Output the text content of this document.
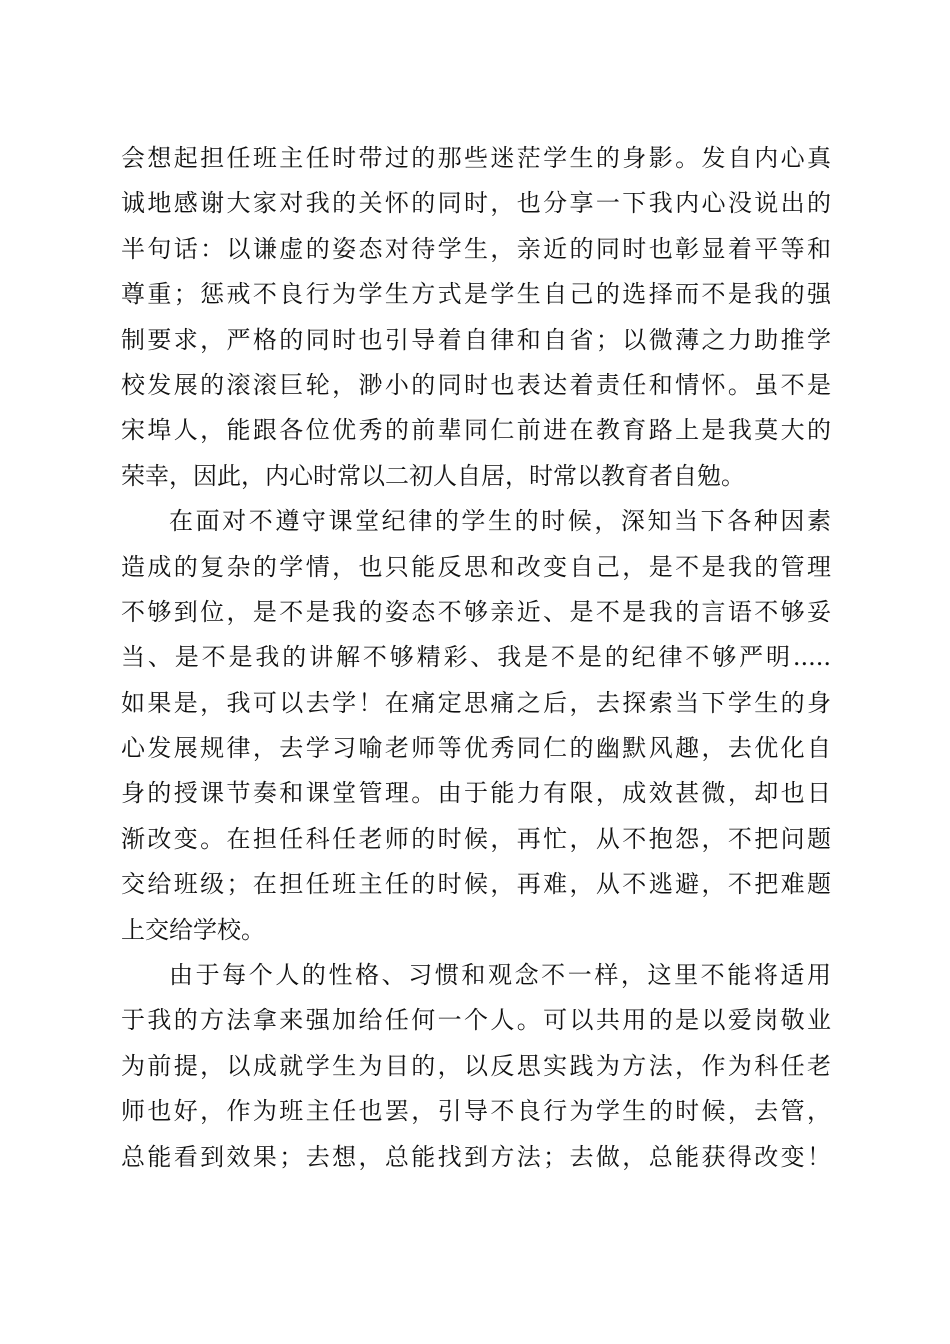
会想起担任班主任时带过的那些迷茫学生的身影。发自内心真
诚地感谢大家对我的关怀的同时，也分享一下我内心没说出的
半句话：以谦虚的姿态对待学生，亲近的同时也彰显着平等和
尊重；惩戒不良行为学生方式是学生自己的选择而不是我的强
制要求，严格的同时也引导着自律和自省；以微薄之力助推学
校发展的滚滚巨轮，渺小的同时也表达着责任和情怀。虽不是
宋埠人，能跟各位优秀的前辈同仁前进在教育路上是我莫大的
荣幸，因此，内心时常以二初人自居，时常以教育者自勉。
在面对不遵守课堂纪律的学生的时候，深知当下各种因素
造成的复杂的学情，也只能反思和改变自己，是不是我的管理
不够到位，是不是我的姿态不够亲近、是不是我的言语不够妥
当、是不是我的讲解不够精彩、我是不是的纪律不够严明.....
如果是，我可以去学！在痛定思痛之后，去探索当下学生的身
心发展规律，去学习喻老师等优秀同仁的幽默风趣，去优化自
身的授课节奏和课堂管理。由于能力有限，成效甚微，却也日
渐改变。在担任科任老师的时候，再忙，从不抱怨，不把问题
交给班级；在担任班主任的时候，再难，从不逃避，不把难题
上交给学校。
由于每个人的性格、习惯和观念不一样，这里不能将适用
于我的方法拿来强加给任何一个人。可以共用的是以爱岗敬业
为前提，以成就学生为目的，以反思实践为方法，作为科任老
师也好，作为班主任也罢，引导不良行为学生的时候，去管，
总能看到效果；去想，总能找到方法；去做，总能获得改变！
